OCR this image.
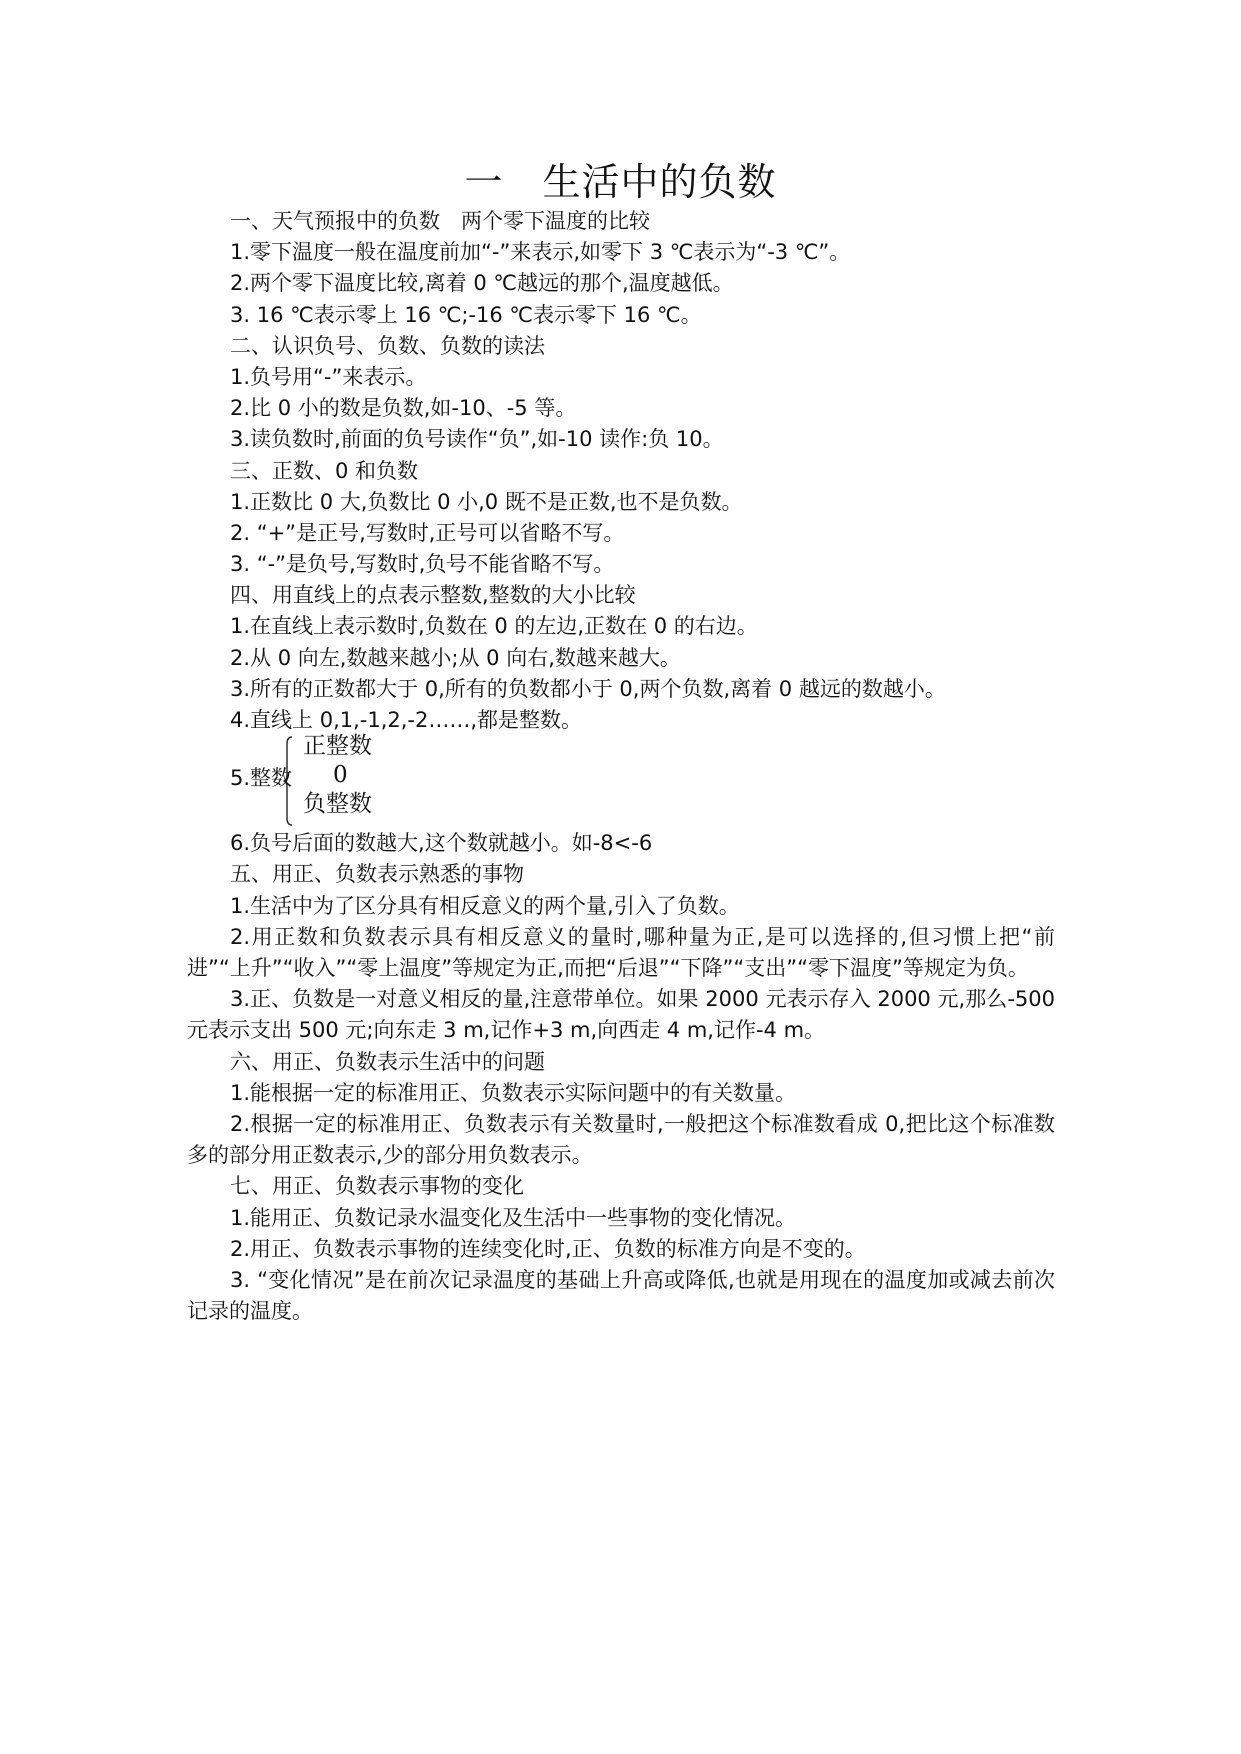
一　生活中的负数
一、天气预报中的负数　两个零下温度的比较
1.零下温度一般在温度前加“-”来表示,如零下 3 ℃表示为“-3 ℃”。
2.两个零下温度比较,离着 0 ℃越远的那个,温度越低。
3. 16 ℃表示零上 16 ℃;-16 ℃表示零下 16 ℃。
二、认识负号、负数、负数的读法
1.负号用“-”来表示。
2.比 0 小的数是负数,如-10、-5 等。
3.读负数时,前面的负号读作“负”,如-10 读作:负 10。
三、正数、0 和负数
1.正数比 0 大,负数比 0 小,0 既不是正数,也不是负数。
2. “+”是正号,写数时,正号可以省略不写。
3. “-”是负号,写数时,负号不能省略不写。
四、用直线上的点表示整数,整数的大小比较
1.在直线上表示数时,负数在 0 的左边,正数在 0 的右边。
2.从 0 向左,数越来越小;从 0 向右,数越来越大。
3.所有的正数都大于 0,所有的负数都小于 0,两个负数,离着 0 越远的数越小。
4.直线上 0,1,-1,2,-2……,都是整数。
5.整数
正整数
0
负整数
6.负号后面的数越大,这个数就越小。如-8<-6
五、用正、负数表示熟悉的事物
1.生活中为了区分具有相反意义的两个量,引入了负数。
2.用正数和负数表示具有相反意义的量时,哪种量为正,是可以选择的,但习惯上把“前进”“上升”“收入”“零上温度”等规定为正,而把“后退”“下降”“支出”“零下温度”等规定为负。
3.正、负数是一对意义相反的量,注意带单位。如果 2000 元表示存入 2000 元,那么-500 元表示支出 500 元;向东走 3 m,记作+3 m,向西走 4 m,记作-4 m。
六、用正、负数表示生活中的问题
1.能根据一定的标准用正、负数表示实际问题中的有关数量。
2.根据一定的标准用正、负数表示有关数量时,一般把这个标准数看成 0,把比这个标准数多的部分用正数表示,少的部分用负数表示。
七、用正、负数表示事物的变化
1.能用正、负数记录水温变化及生活中一些事物的变化情况。
2.用正、负数表示事物的连续变化时,正、负数的标准方向是不变的。
3. “变化情况”是在前次记录温度的基础上升高或降低,也就是用现在的温度加或减去前次记录的温度。
